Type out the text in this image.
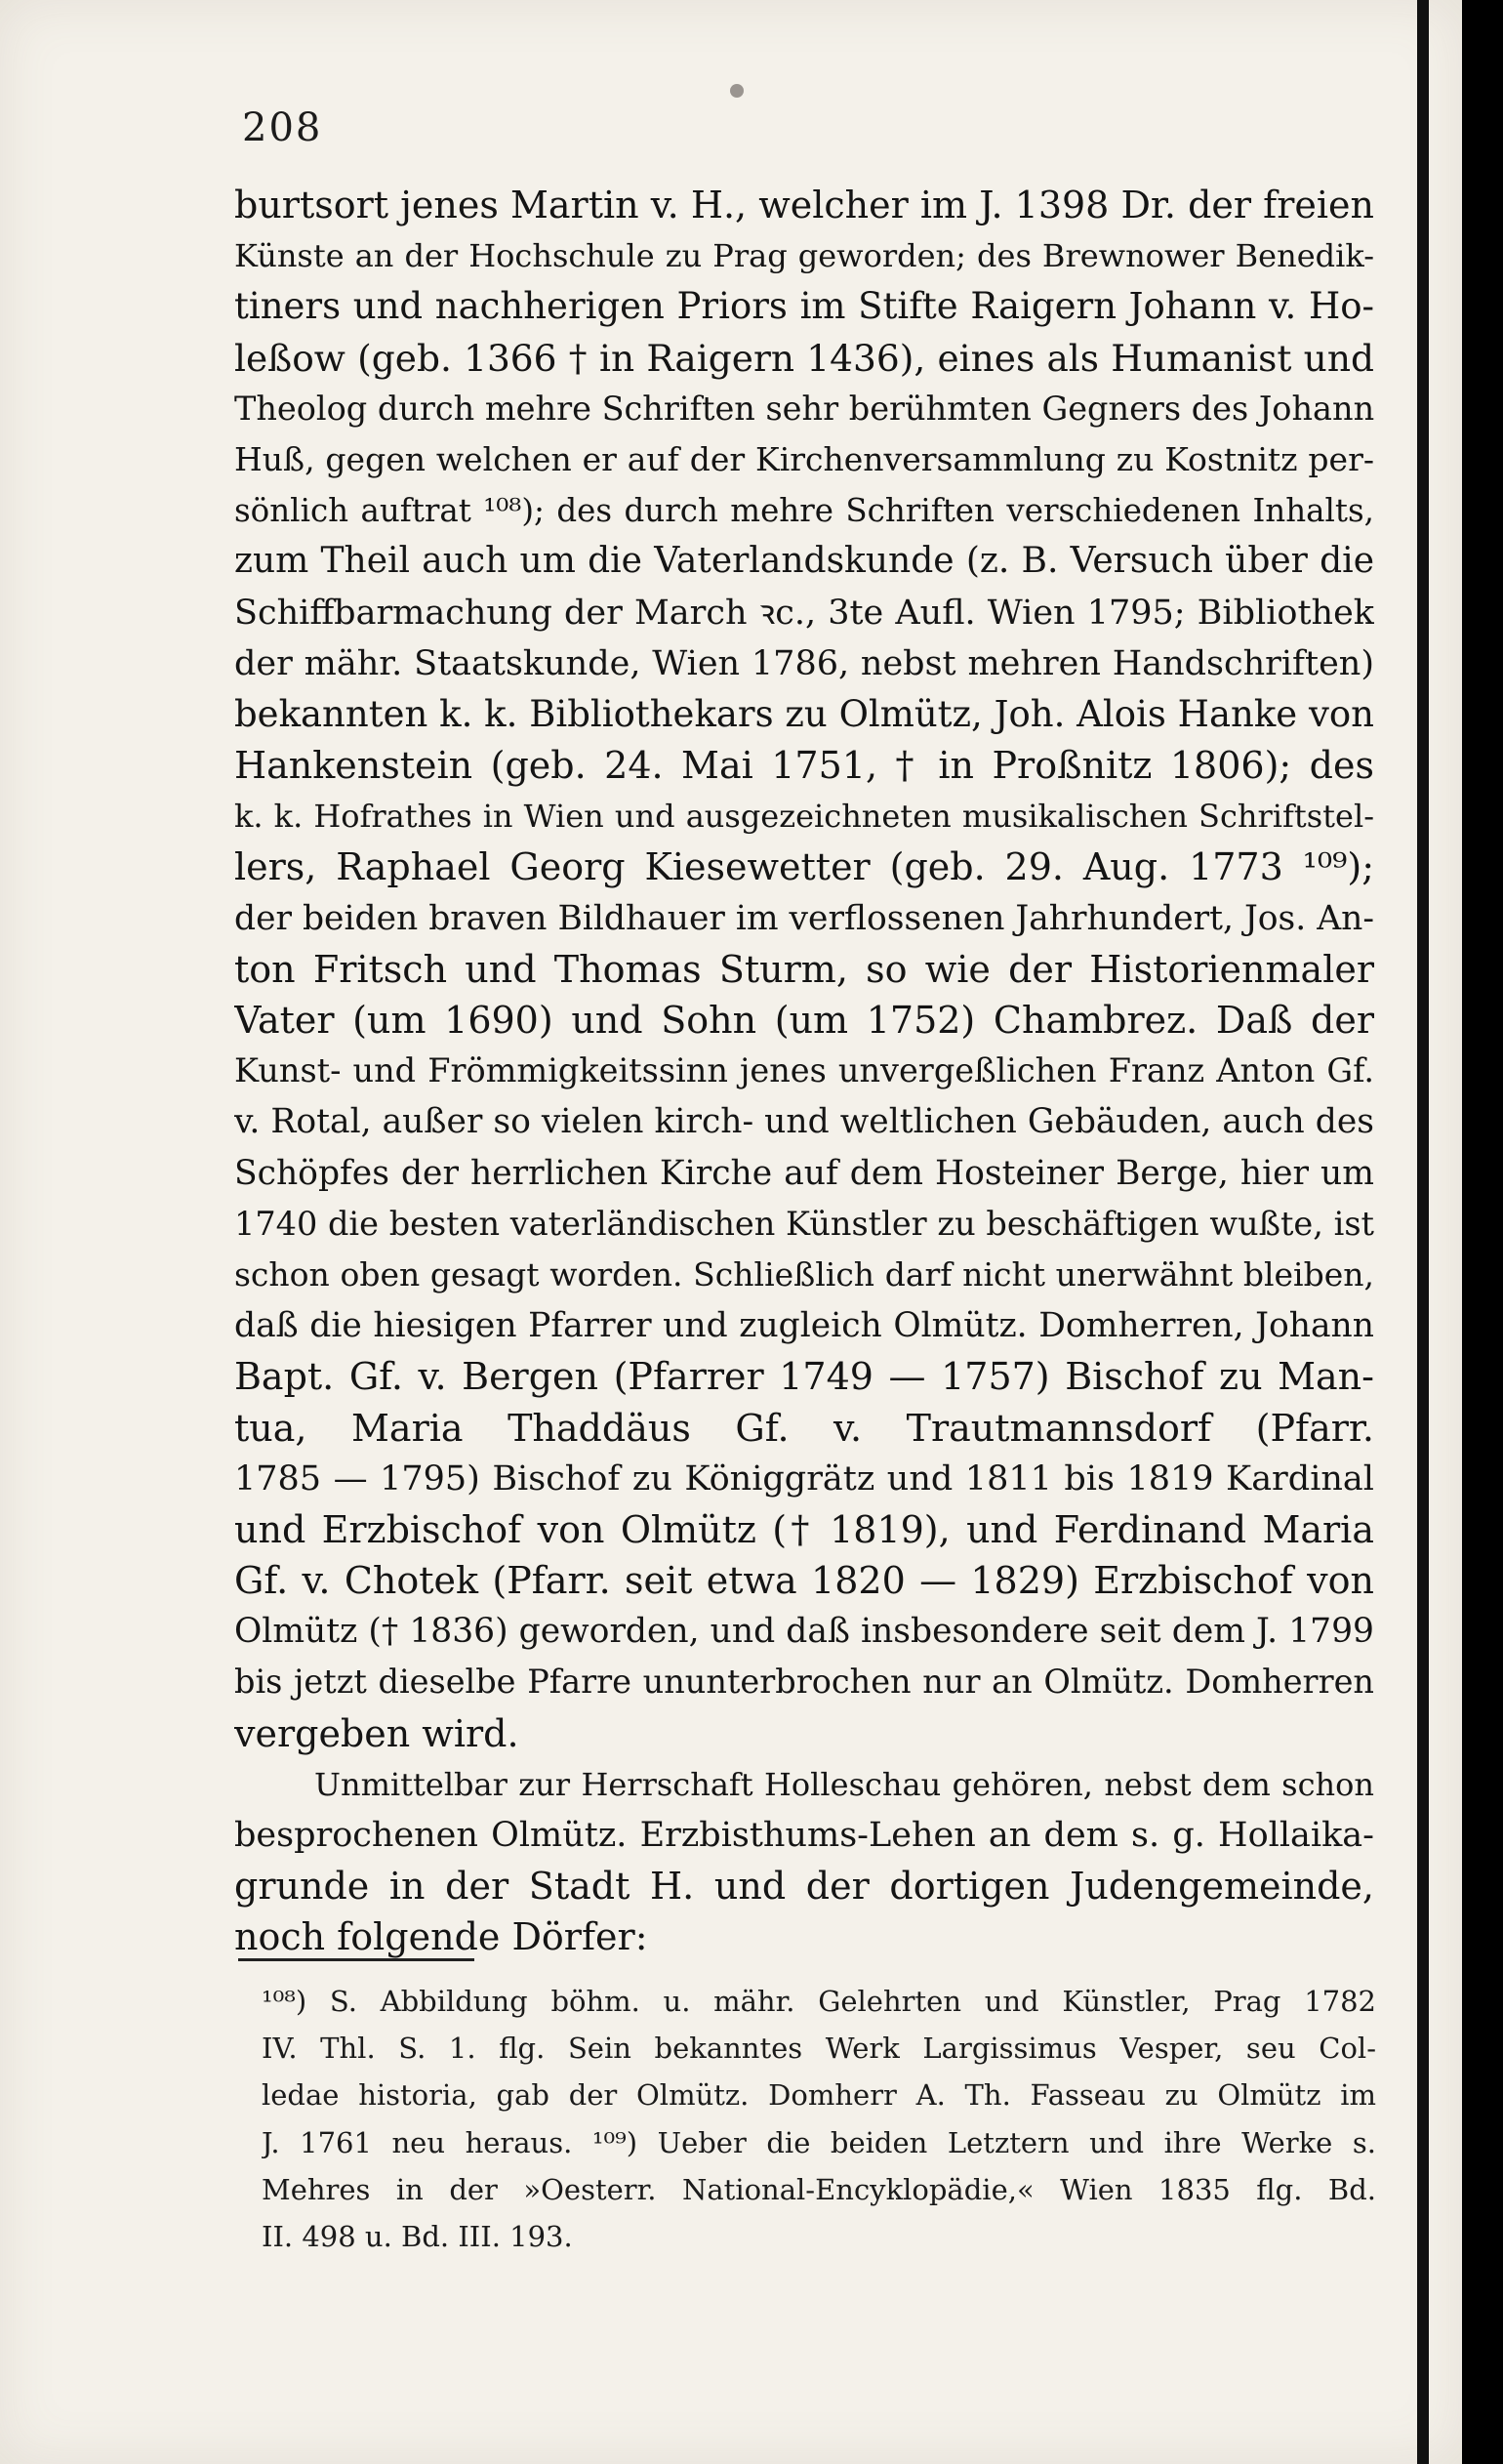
208
burtsort jenes Martin v. H., welcher im J. 1398 Dr. der freien
Künste an der Hochschule zu Prag geworden; des Brewnower Benedik-
tiners und nachherigen Priors im Stifte Raigern Johann v. Ho-
leßow (geb. 1366 † in Raigern 1436), eines als Humanist und
Theolog durch mehre Schriften sehr berühmten Gegners des Johann
Huß, gegen welchen er auf der Kirchenversammlung zu Kostnitz per-
sönlich auftrat ¹⁰⁸); des durch mehre Schriften verschiedenen Inhalts,
zum Theil auch um die Vaterlandskunde (z. B. Versuch über die
Schiffbarmachung der March ꝛc., 3te Aufl. Wien 1795; Bibliothek
der mähr. Staatskunde, Wien 1786, nebst mehren Handschriften)
bekannten k. k. Bibliothekars zu Olmütz, Joh. Alois Hanke von
Hankenstein (geb. 24. Mai 1751, † in Proßnitz 1806); des
k. k. Hofrathes in Wien und ausgezeichneten musikalischen Schriftstel-
lers, Raphael Georg Kiesewetter (geb. 29. Aug. 1773 ¹⁰⁹);
der beiden braven Bildhauer im verflossenen Jahrhundert, Jos. An-
ton Fritsch und Thomas Sturm, so wie der Historienmaler
Vater (um 1690) und Sohn (um 1752) Chambrez. Daß der
Kunst- und Frömmigkeitssinn jenes unvergeßlichen Franz Anton Gf.
v. Rotal, außer so vielen kirch- und weltlichen Gebäuden, auch des
Schöpfes der herrlichen Kirche auf dem Hosteiner Berge, hier um
1740 die besten vaterländischen Künstler zu beschäftigen wußte, ist
schon oben gesagt worden. Schließlich darf nicht unerwähnt bleiben,
daß die hiesigen Pfarrer und zugleich Olmütz. Domherren, Johann
Bapt. Gf. v. Bergen (Pfarrer 1749 — 1757) Bischof zu Man-
tua, Maria Thaddäus Gf. v. Trautmannsdorf (Pfarr.
1785 — 1795) Bischof zu Königgrätz und 1811 bis 1819 Kardinal
und Erzbischof von Olmütz († 1819), und Ferdinand Maria
Gf. v. Chotek (Pfarr. seit etwa 1820 — 1829) Erzbischof von
Olmütz († 1836) geworden, und daß insbesondere seit dem J. 1799
bis jetzt dieselbe Pfarre ununterbrochen nur an Olmütz. Domherren
vergeben wird.
Unmittelbar zur Herrschaft Holleschau gehören, nebst dem schon
besprochenen Olmütz. Erzbisthums-Lehen an dem s. g. Hollaika-
grunde in der Stadt H. und der dortigen Judengemeinde,
noch folgende Dörfer:
¹⁰⁸) S. Abbildung böhm. u. mähr. Gelehrten und Künstler, Prag 1782
IV. Thl. S. 1. flg. Sein bekanntes Werk Largissimus Vesper, seu Col-
ledae historia, gab der Olmütz. Domherr A. Th. Fasseau zu Olmütz im
J. 1761 neu heraus. ¹⁰⁹) Ueber die beiden Letztern und ihre Werke s.
Mehres in der »Oesterr. National-Encyklopädie,« Wien 1835 flg. Bd.
II. 498 u. Bd. III. 193.
